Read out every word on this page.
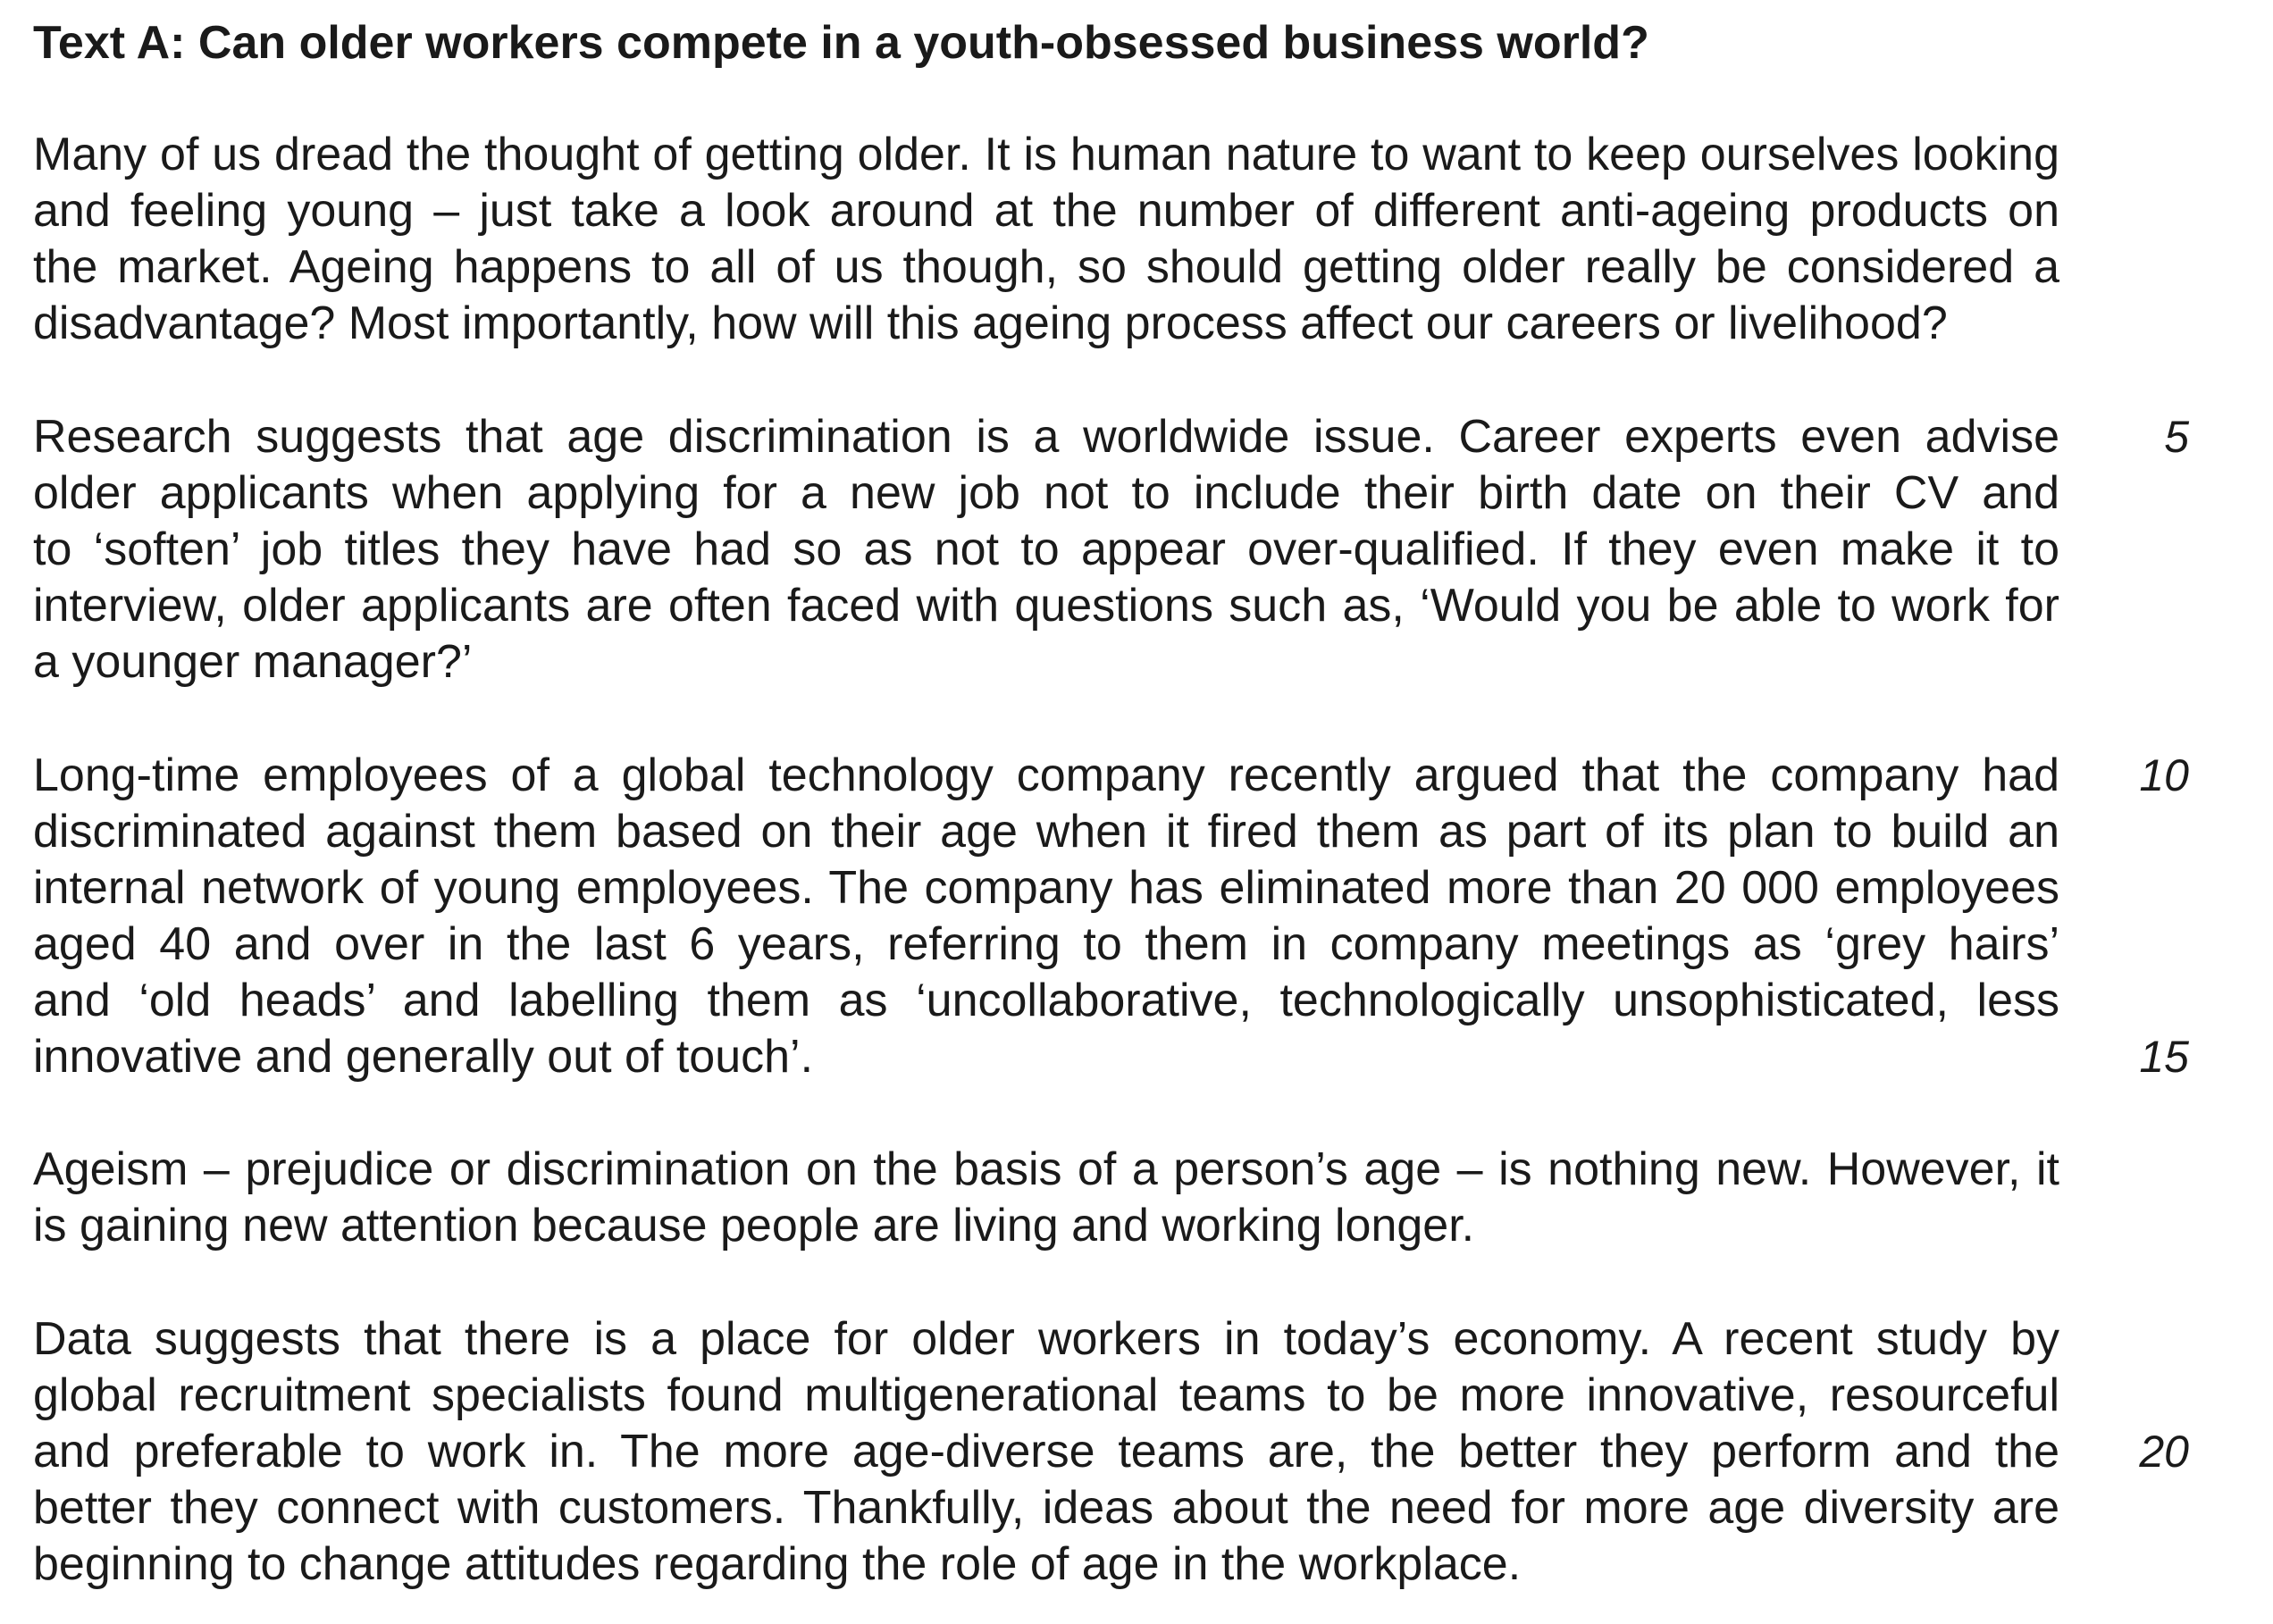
Text A: Can older workers compete in a youth-obsessed business world?
Many of us dread the thought of getting older. It is human nature to want to keep ourselves looking
and feeling young – just take a look around at the number of different anti-ageing products on
the market. Ageing happens to all of us though, so should getting older really be considered a
disadvantage? Most importantly, how will this ageing process affect our careers or livelihood?
Research suggests that age discrimination is a worldwide issue. Career experts even advise
older applicants when applying for a new job not to include their birth date on their CV and
to ‘soften’ job titles they have had so as not to appear over-qualified. If they even make it to
interview, older applicants are often faced with questions such as, ‘Would you be able to work for
a younger manager?’
Long-time employees of a global technology company recently argued that the company had
discriminated against them based on their age when it fired them as part of its plan to build an
internal network of young employees. The company has eliminated more than 20 000 employees
aged 40 and over in the last 6 years, referring to them in company meetings as ‘grey hairs’
and ‘old heads’ and labelling them as ‘uncollaborative, technologically unsophisticated, less
innovative and generally out of touch’.
Ageism – prejudice or discrimination on the basis of a person’s age – is nothing new. However, it
is gaining new attention because people are living and working longer.
Data suggests that there is a place for older workers in today’s economy. A recent study by
global recruitment specialists found multigenerational teams to be more innovative, resourceful
and preferable to work in. The more age-diverse teams are, the better they perform and the
better they connect with customers. Thankfully, ideas about the need for more age diversity are
beginning to change attitudes regarding the role of age in the workplace.
5
10
15
20
